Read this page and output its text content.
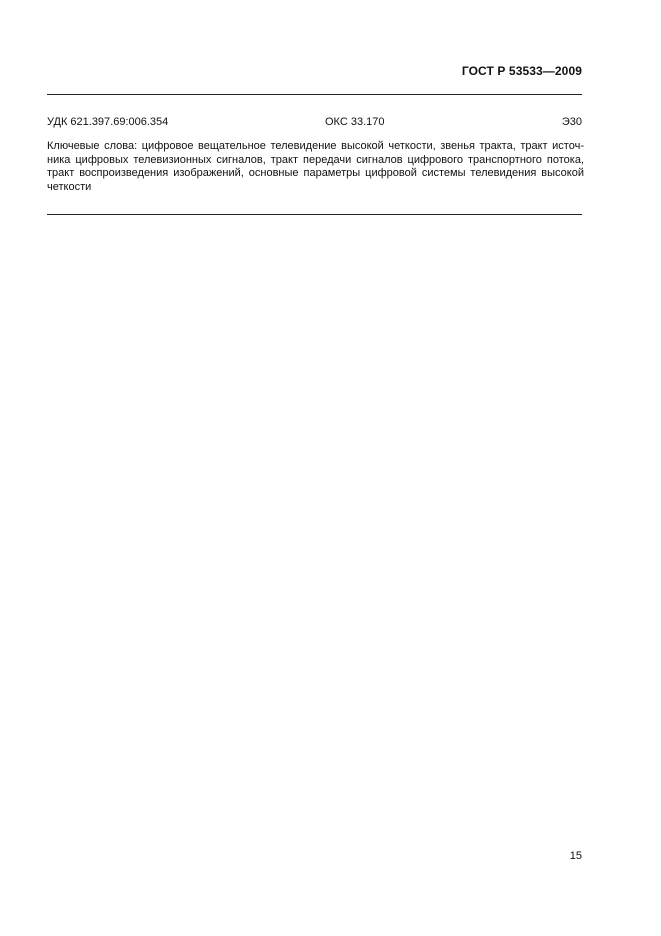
ГОСТ Р 53533—2009
УДК 621.397.69:006.354	ОКС 33.170	Э30
Ключевые слова: цифровое вещательное телевидение высокой четкости, звенья тракта, тракт источ-
ника цифровых телевизионных сигналов, тракт передачи сигналов цифрового транспортного потока,
тракт воспроизведения изображений, основные параметры цифровой системы телевидения высокой
четкости
15
